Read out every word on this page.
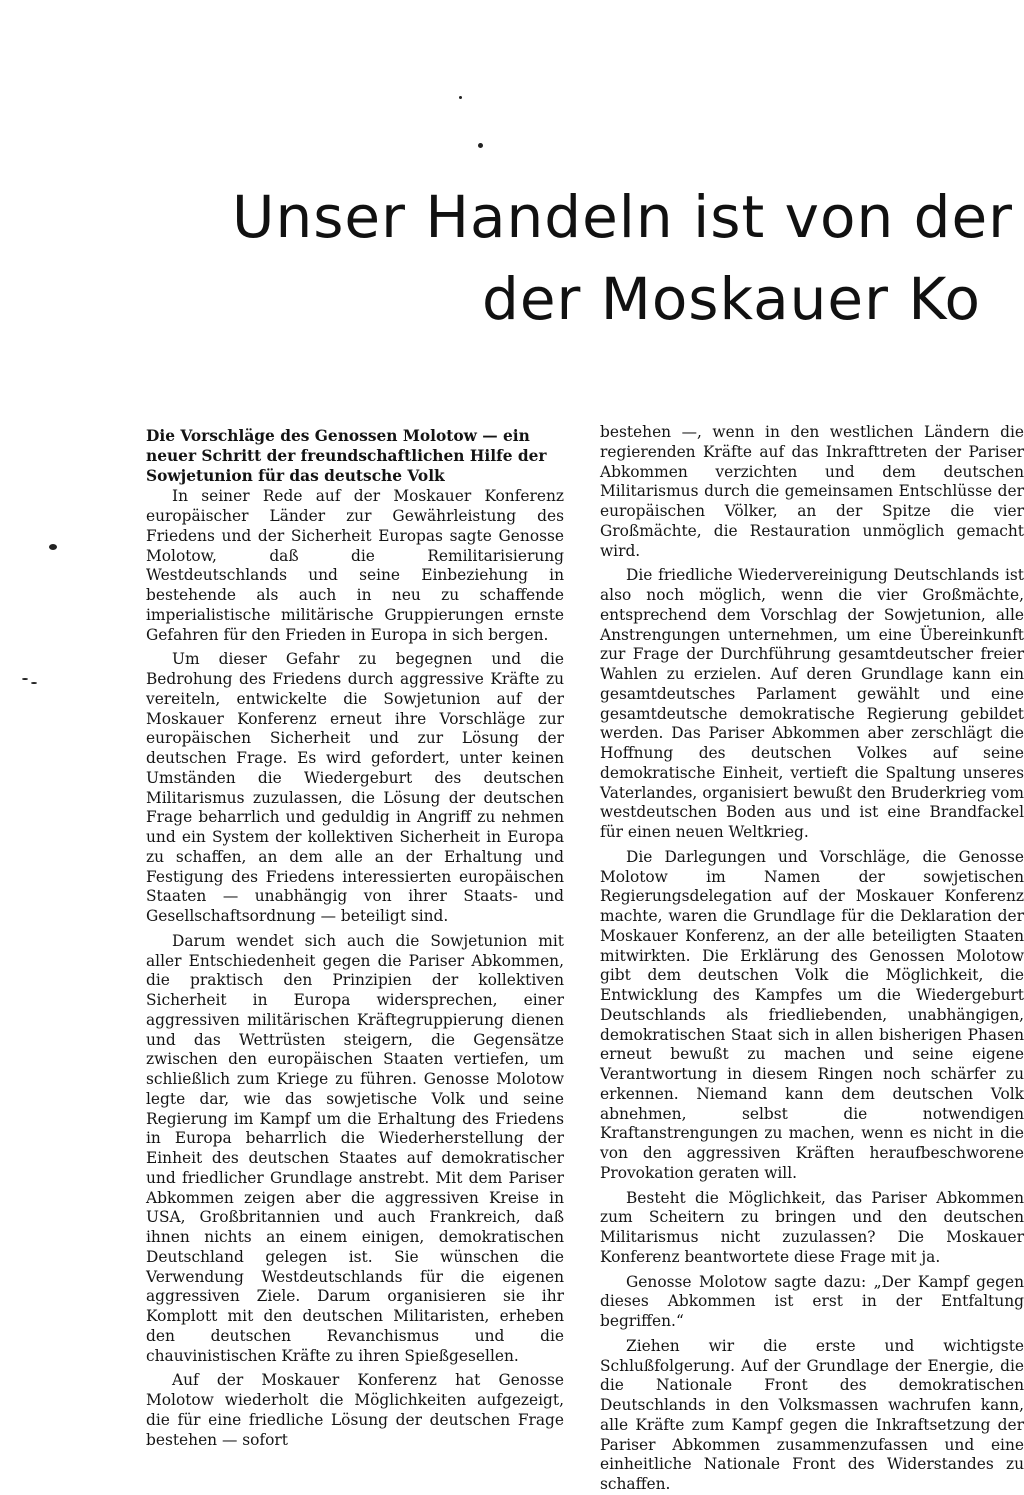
Unser Handeln ist von der
der Moskauer Ko
Die Vorschläge des Genossen Molotow — ein neuer Schritt der freundschaftlichen Hilfe der Sowjetunion für das deutsche Volk

In seiner Rede auf der Moskauer Konferenz europäischer Länder zur Gewährleistung des Friedens und der Sicherheit Europas sagte Genosse Molotow, daß die Remilitarisierung Westdeutschlands und seine Einbeziehung in bestehende als auch in neu zu schaffende imperialistische militärische Gruppierungen ernste Gefahren für den Frieden in Europa in sich bergen.

Um dieser Gefahr zu begegnen und die Bedrohung des Friedens durch aggressive Kräfte zu vereiteln, entwickelte die Sowjetunion auf der Moskauer Konferenz erneut ihre Vorschläge zur europäischen Sicherheit und zur Lösung der deutschen Frage. Es wird gefordert, unter keinen Umständen die Wiedergeburt des deutschen Militarismus zuzulassen, die Lösung der deutschen Frage beharrlich und geduldig in Angriff zu nehmen und ein System der kollektiven Sicherheit in Europa zu schaffen, an dem alle an der Erhaltung und Festigung des Friedens interessierten europäischen Staaten — unabhängig von ihrer Staats- und Gesellschaftsordnung — beteiligt sind.

Darum wendet sich auch die Sowjetunion mit aller Entschiedenheit gegen die Pariser Abkommen, die praktisch den Prinzipien der kollektiven Sicherheit in Europa widersprechen, einer aggressiven militärischen Kräftegruppierung dienen und das Wettrüsten steigern, die Gegensätze zwischen den europäischen Staaten vertiefen, um schließlich zum Kriege zu führen. Genosse Molotow legte dar, wie das sowjetische Volk und seine Regierung im Kampf um die Erhaltung des Friedens in Europa beharrlich die Wiederherstellung der Einheit des deutschen Staates auf demokratischer und friedlicher Grundlage anstrebt. Mit dem Pariser Abkommen zeigen aber die aggressiven Kreise in USA, Großbritannien und auch Frankreich, daß ihnen nichts an einem einigen, demokratischen Deutschland gelegen ist. Sie wünschen die Verwendung Westdeutschlands für die eigenen aggressiven Ziele. Darum organisieren sie ihr Komplott mit den deutschen Militaristen, erheben den deutschen Revanchismus und die chauvinistischen Kräfte zu ihren Spießgesellen.

Auf der Moskauer Konferenz hat Genosse Molotow wiederholt die Möglichkeiten aufgezeigt, die für eine friedliche Lösung der deutschen Frage bestehen — sofort

bestehen —, wenn in den westlichen Ländern die regierenden Kräfte auf das Inkrafttreten der Pariser Abkommen verzichten und dem deutschen Militarismus durch die gemeinsamen Entschlüsse der europäischen Völker, an der Spitze die vier Großmächte, die Restauration unmöglich gemacht wird.

Die friedliche Wiedervereinigung Deutschlands ist also noch möglich, wenn die vier Großmächte, entsprechend dem Vorschlag der Sowjetunion, alle Anstrengungen unternehmen, um eine Übereinkunft zur Frage der Durchführung gesamtdeutscher freier Wahlen zu erzielen. Auf deren Grundlage kann ein gesamtdeutsches Parlament gewählt und eine gesamtdeutsche demokratische Regierung gebildet werden. Das Pariser Abkommen aber zerschlägt die Hoffnung des deutschen Volkes auf seine demokratische Einheit, vertieft die Spaltung unseres Vaterlandes, organisiert bewußt den Bruderkrieg vom westdeutschen Boden aus und ist eine Brandfackel für einen neuen Weltkrieg.

Die Darlegungen und Vorschläge, die Genosse Molotow im Namen der sowjetischen Regierungsdelegation auf der Moskauer Konferenz machte, waren die Grundlage für die Deklaration der Moskauer Konferenz, an der alle beteiligten Staaten mitwirkten. Die Erklärung des Genossen Molotow gibt dem deutschen Volk die Möglichkeit, die Entwicklung des Kampfes um die Wiedergeburt Deutschlands als friedliebenden, unabhängigen, demokratischen Staat sich in allen bisherigen Phasen erneut bewußt zu machen und seine eigene Verantwortung in diesem Ringen noch schärfer zu erkennen. Niemand kann dem deutschen Volk abnehmen, selbst die notwendigen Kraftanstrengungen zu machen, wenn es nicht in die von den aggressiven Kräften heraufbeschworene Provokation geraten will.

Besteht die Möglichkeit, das Pariser Abkommen zum Scheitern zu bringen und den deutschen Militarismus nicht zuzulassen? Die Moskauer Konferenz beantwortete diese Frage mit ja.

Genosse Molotow sagte dazu: „Der Kampf gegen dieses Abkommen ist erst in der Entfaltung begriffen.“

Ziehen wir die erste und wichtigste Schlußfolgerung. Auf der Grundlage der Energie, die die Nationale Front des demokratischen Deutschlands in den Volksmassen wachrufen kann, alle Kräfte zum Kampf gegen die Inkraftsetzung der Pariser Abkommen zusammenzufassen und eine einheitliche Nationale Front des Widerstandes zu schaffen.
